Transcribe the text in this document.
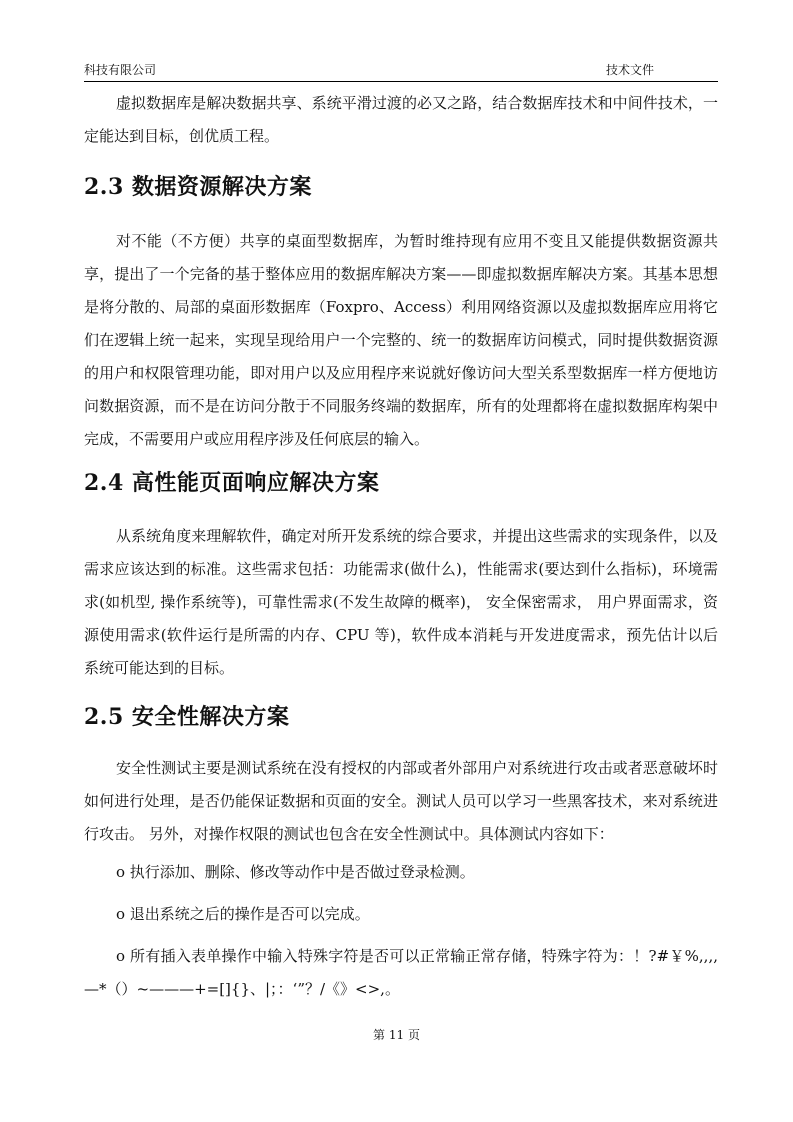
科技有限公司	技术文件
虚拟数据库是解决数据共享、系统平滑过渡的必又之路，结合数据库技术和中间件技术，一定能达到目标，创优质工程。
2.3 数据资源解决方案
对不能（不方便）共享的桌面型数据库，为暂时维持现有应用不变且又能提供数据资源共享，提出了一个完备的基于整体应用的数据库解决方案——即虚拟数据库解决方案。其基本思想是将分散的、局部的桌面形数据库（Foxpro、Access）利用网络资源以及虚拟数据库应用将它们在逻辑上统一起来，实现呈现给用户一个完整的、统一的数据库访问模式，同时提供数据资源的用户和权限管理功能，即对用户以及应用程序来说就好像访问大型关系型数据库一样方便地访问数据资源，而不是在访问分散于不同服务终端的数据库，所有的处理都将在虚拟数据库构架中完成，不需要用户或应用程序涉及任何底层的输入。
2.4 高性能页面响应解决方案
从系统角度来理解软件，确定对所开发系统的综合要求，并提出这些需求的实现条件，以及需求应该达到的标准。这些需求包括：功能需求(做什么)，性能需求(要达到什么指标)，环境需求(如机型, 操作系统等)，可靠性需求(不发生故障的概率)， 安全保密需求， 用户界面需求，资源使用需求(软件运行是所需的内存、CPU 等)，软件成本消耗与开发进度需求，预先估计以后系统可能达到的目标。
2.5 安全性解决方案
安全性测试主要是测试系统在没有授权的内部或者外部用户对系统进行攻击或者恶意破坏时如何进行处理，是否仍能保证数据和页面的安全。测试人员可以学习一些黑客技术，来对系统进行攻击。 另外，对操作权限的测试也包含在安全性测试中。具体测试内容如下：
o 执行添加、删除、修改等动作中是否做过登录检测。
o 退出系统之后的操作是否可以完成。
o 所有插入表单操作中输入特殊字符是否可以正常输正常存储，特殊字符为：！?#￥%,,,,—*（）~———+=[]{}、|；：‘”？/《》<>,。
第 11 页
